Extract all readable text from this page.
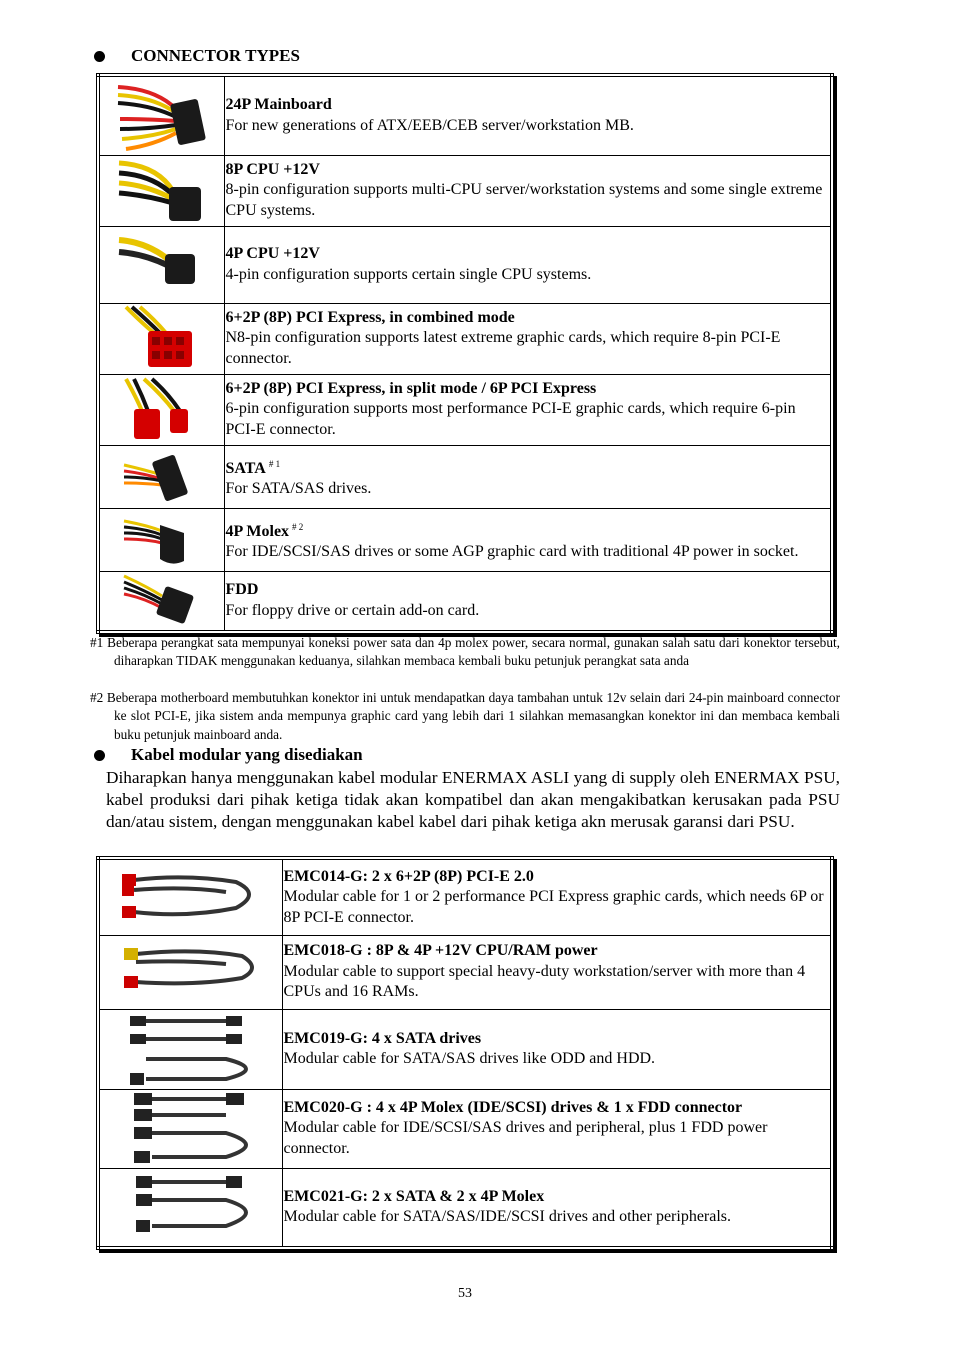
CONNECTOR TYPES

24P Mainboard
For new generations of ATX/EEB/CEB server/workstation MB.

8P CPU +12V
8-pin configuration supports multi-CPU server/workstation systems and some single extreme CPU systems.

4P CPU +12V
4-pin configuration supports certain single CPU systems.

6+2P (8P) PCI Express, in combined mode
N8-pin configuration supports latest extreme graphic cards, which require 8-pin PCI-E connector.

6+2P (8P) PCI Express, in split mode / 6P PCI Express
6-pin configuration supports most performance PCI-E graphic cards, which require 6-pin PCI-E connector.

SATA $^{\# 1}$
For SATA/SAS drives.

4P Molex $^{\# 2}$
For IDE/SCSI/SAS drives or some AGP graphic card with traditional 4P power in socket.

FDD
For floppy drive or certain add-on card.
#1 Beberapa perangkat sata mempunyai koneksi power sata dan 4p molex power, secara normal, gunakan salah satu dari konektor tersebut, diharapkan TIDAK menggunakan keduanya, silahkan membaca kembali buku petunjuk perangkat sata anda
#2 Beberapa motherboard membutuhkan konektor ini untuk mendapatkan daya tambahan untuk 12v selain dari 24-pin mainboard connector ke slot PCI-E, jika sistem anda mempunya graphic card yang lebih dari 1 silahkan memasangkan konektor ini dan membaca kembali buku petunjuk mainboard anda.
Kabel modular yang disediakan
Diharapkan hanya menggunakan kabel modular ENERMAX ASLI yang di supply oleh ENERMAX PSU, kabel produksi dari pihak ketiga tidak akan kompatibel dan akan mengakibatkan kerusakan pada PSU dan/atau sistem, dengan menggunakan kabel kabel dari pihak ketiga akn merusak garansi dari PSU.

EMC014-G: 2 x 6+2P (8P) PCI-E 2.0
Modular cable for 1 or 2 performance PCI Express graphic cards, which needs 6P or 8P PCI-E connector.

EMC018-G : 8P & 4P +12V CPU/RAM power
Modular cable to support special heavy-duty workstation/server with more than 4 CPUs and 16 RAMs.

EMC019-G: 4 x SATA drives
Modular cable for SATA/SAS drives like ODD and HDD.

EMC020-G : 4 x 4P Molex (IDE/SCSI) drives & 1 x FDD connector
Modular cable for IDE/SCSI/SAS drives and peripheral, plus 1 FDD power connector.

EMC021-G: 2 x SATA & 2 x 4P Molex
Modular cable for SATA/SAS/IDE/SCSI drives and other peripherals.
53
